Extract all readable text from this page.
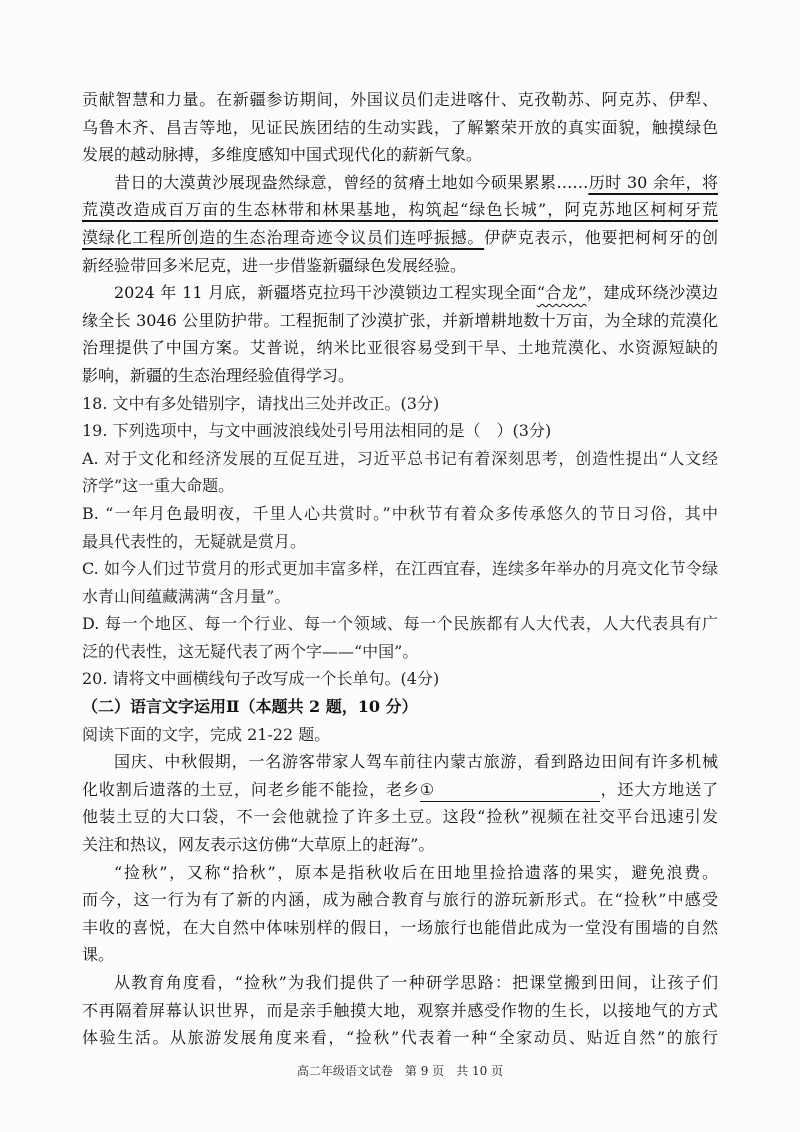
贡献智慧和力量。在新疆参访期间，外国议员们走进喀什、克孜勒苏、阿克苏、伊犁、
乌鲁木齐、昌吉等地，见证民族团结的生动实践，了解繁荣开放的真实面貌，触摸绿色
发展的越动脉搏，多维度感知中国式现代化的薪新气象。
昔日的大漠黄沙展现盎然绿意，曾经的贫瘠土地如今硕果累累……历时 30 余年，将
荒漠改造成百万亩的生态林带和林果基地，构筑起“绿色长城”，阿克苏地区柯柯牙荒
漠绿化工程所创造的生态治理奇迹令议员们连呼振撼。伊萨克表示，他要把柯柯牙的创
新经验带回多米尼克，进一步借鉴新疆绿色发展经验。
2024 年 11 月底，新疆塔克拉玛干沙漠锁边工程实现全面“合龙”，建成环绕沙漠边
缘全长 3046 公里防护带。工程扼制了沙漠扩张，并新增耕地数十万亩，为全球的荒漠化
治理提供了中国方案。艾普说，纳米比亚很容易受到干旱、土地荒漠化、水资源短缺的
影响，新疆的生态治理经验值得学习。
18. 文中有多处错别字，请找出三处并改正。(3分)
19. 下列选项中，与文中画波浪线处引号用法相同的是（　）(3分)
A. 对于文化和经济发展的互促互进，习近平总书记有着深刻思考，创造性提出“人文经
济学”这一重大命题。
B. “一年月色最明夜，千里人心共赏时。”中秋节有着众多传承悠久的节日习俗，其中
最具代表性的，无疑就是赏月。
C. 如今人们过节赏月的形式更加丰富多样，在江西宜春，连续多年举办的月亮文化节令绿
水青山间蕴藏满满“含月量”。
D. 每一个地区、每一个行业、每一个领域、每一个民族都有人大代表，人大代表具有广
泛的代表性，这无疑代表了两个字——“中国”。
20. 请将文中画横线句子改写成一个长单句。(4分)
（二）语言文字运用Ⅱ（本题共 2 题，10 分）
阅读下面的文字，完成 21-22 题。
国庆、中秋假期，一名游客带家人驾车前往内蒙古旅游，看到路边田间有许多机械
化收割后遗落的土豆，问老乡能不能捡，老乡①	，还大方地送了
他装土豆的大口袋，不一会他就捡了许多土豆。这段“捡秋”视频在社交平台迅速引发
关注和热议，网友表示这仿佛“大草原上的赶海”。
“捡秋”，又称“拾秋”，原本是指秋收后在田地里捡拾遗落的果实，避免浪费。
而今，这一行为有了新的内涵，成为融合教育与旅行的游玩新形式。在“捡秋”中感受
丰收的喜悦，在大自然中体味别样的假日，一场旅行也能借此成为一堂没有围墙的自然
课。
从教育角度看，“捡秋”为我们提供了一种研学思路：把课堂搬到田间，让孩子们
不再隔着屏幕认识世界，而是亲手触摸大地，观察并感受作物的生长，以接地气的方式
体验生活。从旅游发展角度来看，“捡秋”代表着一种“全家动员、贴近自然”的旅行
高二年级语文试卷　第 9 页　共 10 页
